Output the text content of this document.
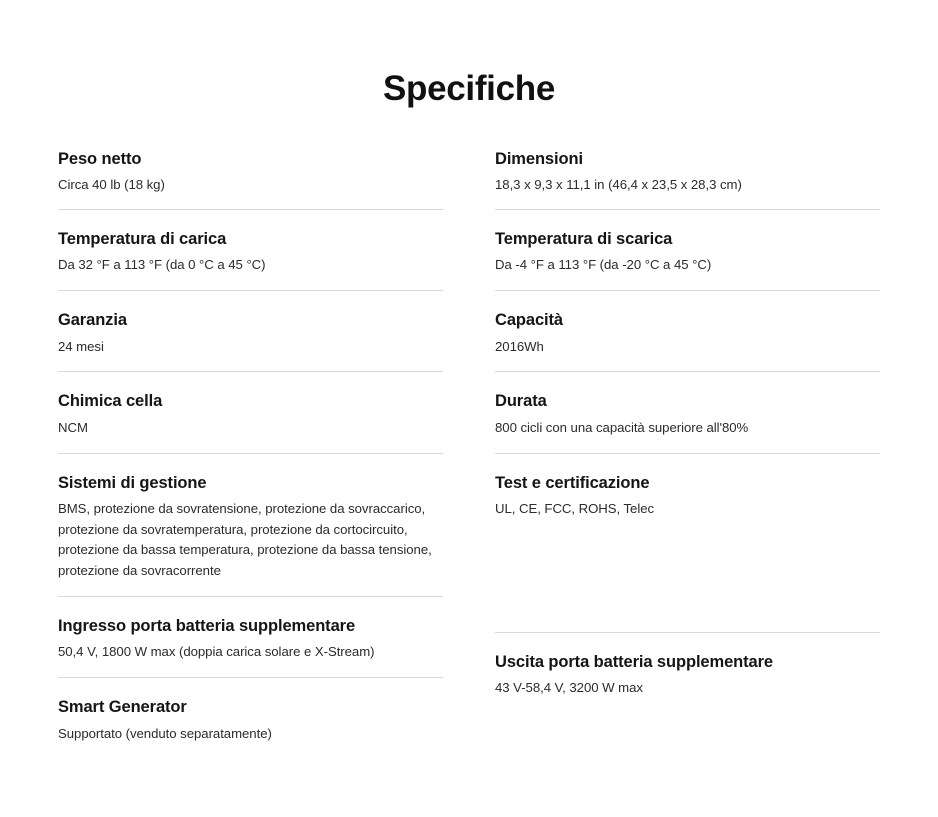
Specifiche
Peso netto
Circa 40 lb (18 kg)
Temperatura di carica
Da 32 °F a 113 °F (da 0 °C a 45 °C)
Garanzia
24 mesi
Chimica cella
NCM
Sistemi di gestione
BMS, protezione da sovratensione, protezione da sovraccarico, protezione da sovratemperatura, protezione da cortocircuito, protezione da bassa temperatura, protezione da bassa tensione, protezione da sovracorrente
Ingresso porta batteria supplementare
50,4 V, 1800 W max (doppia carica solare e X-Stream)
Smart Generator
Supportato (venduto separatamente)
Dimensioni
18,3 x 9,3 x 11,1 in (46,4 x 23,5 x 28,3 cm)
Temperatura di scarica
Da -4 °F a 113 °F (da -20 °C a 45 °C)
Capacità
2016Wh
Durata
800 cicli con una capacità superiore all'80%
Test e certificazione
UL, CE, FCC, ROHS, Telec
Uscita porta batteria supplementare
43 V-58,4 V, 3200 W max
